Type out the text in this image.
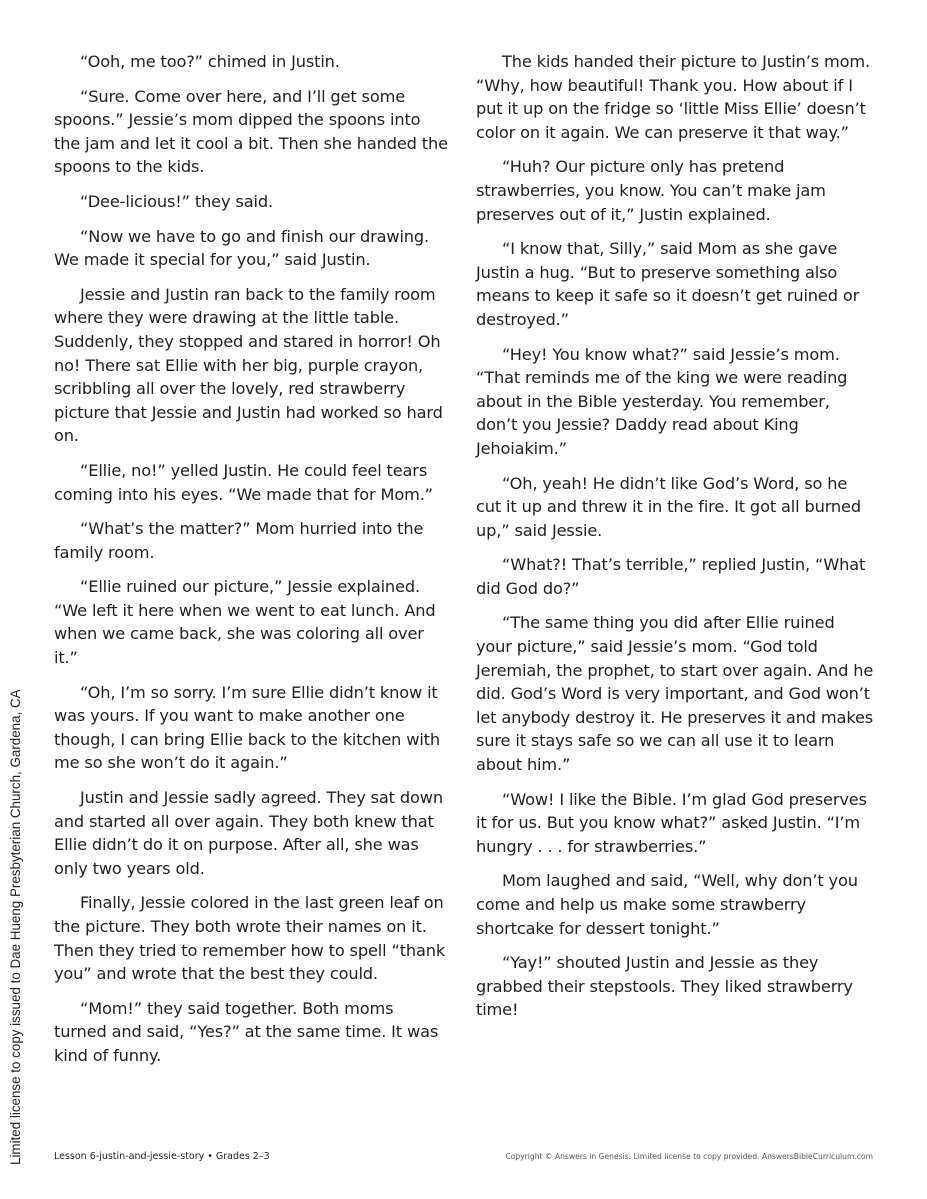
Limited license to copy issued to Dae Hueng Presbyterian Church, Gardena, CA

“Ooh, me too?” chimed in Justin.

“Sure. Come over here, and I’ll get some spoons.” Jessie’s mom dipped the spoons into the jam and let it cool a bit. Then she handed the spoons to the kids.

“Dee-licious!” they said.

“Now we have to go and finish our drawing. We made it special for you,” said Justin.

Jessie and Justin ran back to the family room where they were drawing at the little table. Suddenly, they stopped and stared in horror! Oh no! There sat Ellie with her big, purple crayon, scribbling all over the lovely, red strawberry picture that Jessie and Justin had worked so hard on.

“Ellie, no!” yelled Justin. He could feel tears coming into his eyes. “We made that for Mom.”

“What’s the matter?” Mom hurried into the family room.

“Ellie ruined our picture,” Jessie explained. “We left it here when we went to eat lunch. And when we came back, she was coloring all over it.”

“Oh, I’m so sorry. I’m sure Ellie didn’t know it was yours. If you want to make another one though, I can bring Ellie back to the kitchen with me so she won’t do it again.”

Justin and Jessie sadly agreed. They sat down and started all over again. They both knew that Ellie didn’t do it on purpose. After all, she was only two years old.

Finally, Jessie colored in the last green leaf on the picture. They both wrote their names on it. Then they tried to remember how to spell “thank you” and wrote that the best they could.

“Mom!” they said together. Both moms turned and said, “Yes?” at the same time. It was kind of funny.

The kids handed their picture to Justin’s mom. “Why, how beautiful! Thank you. How about if I put it up on the fridge so ‘little Miss Ellie’ doesn’t color on it again. We can preserve it that way.”

“Huh? Our picture only has pretend strawberries, you know. You can’t make jam preserves out of it,” Justin explained.

“I know that, Silly,” said Mom as she gave Justin a hug. “But to preserve something also means to keep it safe so it doesn’t get ruined or destroyed.”

“Hey! You know what?” said Jessie’s mom. “That reminds me of the king we were reading about in the Bible yesterday. You remember, don’t you Jessie? Daddy read about King Jehoiakim.”

“Oh, yeah! He didn’t like God’s Word, so he cut it up and threw it in the fire. It got all burned up,” said Jessie.

“What?! That’s terrible,” replied Justin, “What did God do?”

“The same thing you did after Ellie ruined your picture,” said Jessie’s mom. “God told Jeremiah, the prophet, to start over again. And he did. God’s Word is very important, and God won’t let anybody destroy it. He preserves it and makes sure it stays safe so we can all use it to learn about him.”

“Wow! I like the Bible. I’m glad God preserves it for us. But you know what?” asked Justin. “I’m hungry . . . for strawberries.”

Mom laughed and said, “Well, why don’t you come and help us make some strawberry shortcake for dessert tonight.”

“Yay!” shouted Justin and Jessie as they grabbed their stepstools. They liked strawberry time!

Lesson 6-justin-and-jessie-story • Grades 2–3	Copyright © Answers in Genesis. Limited license to copy provided. AnswersBibleCurriculum.com
